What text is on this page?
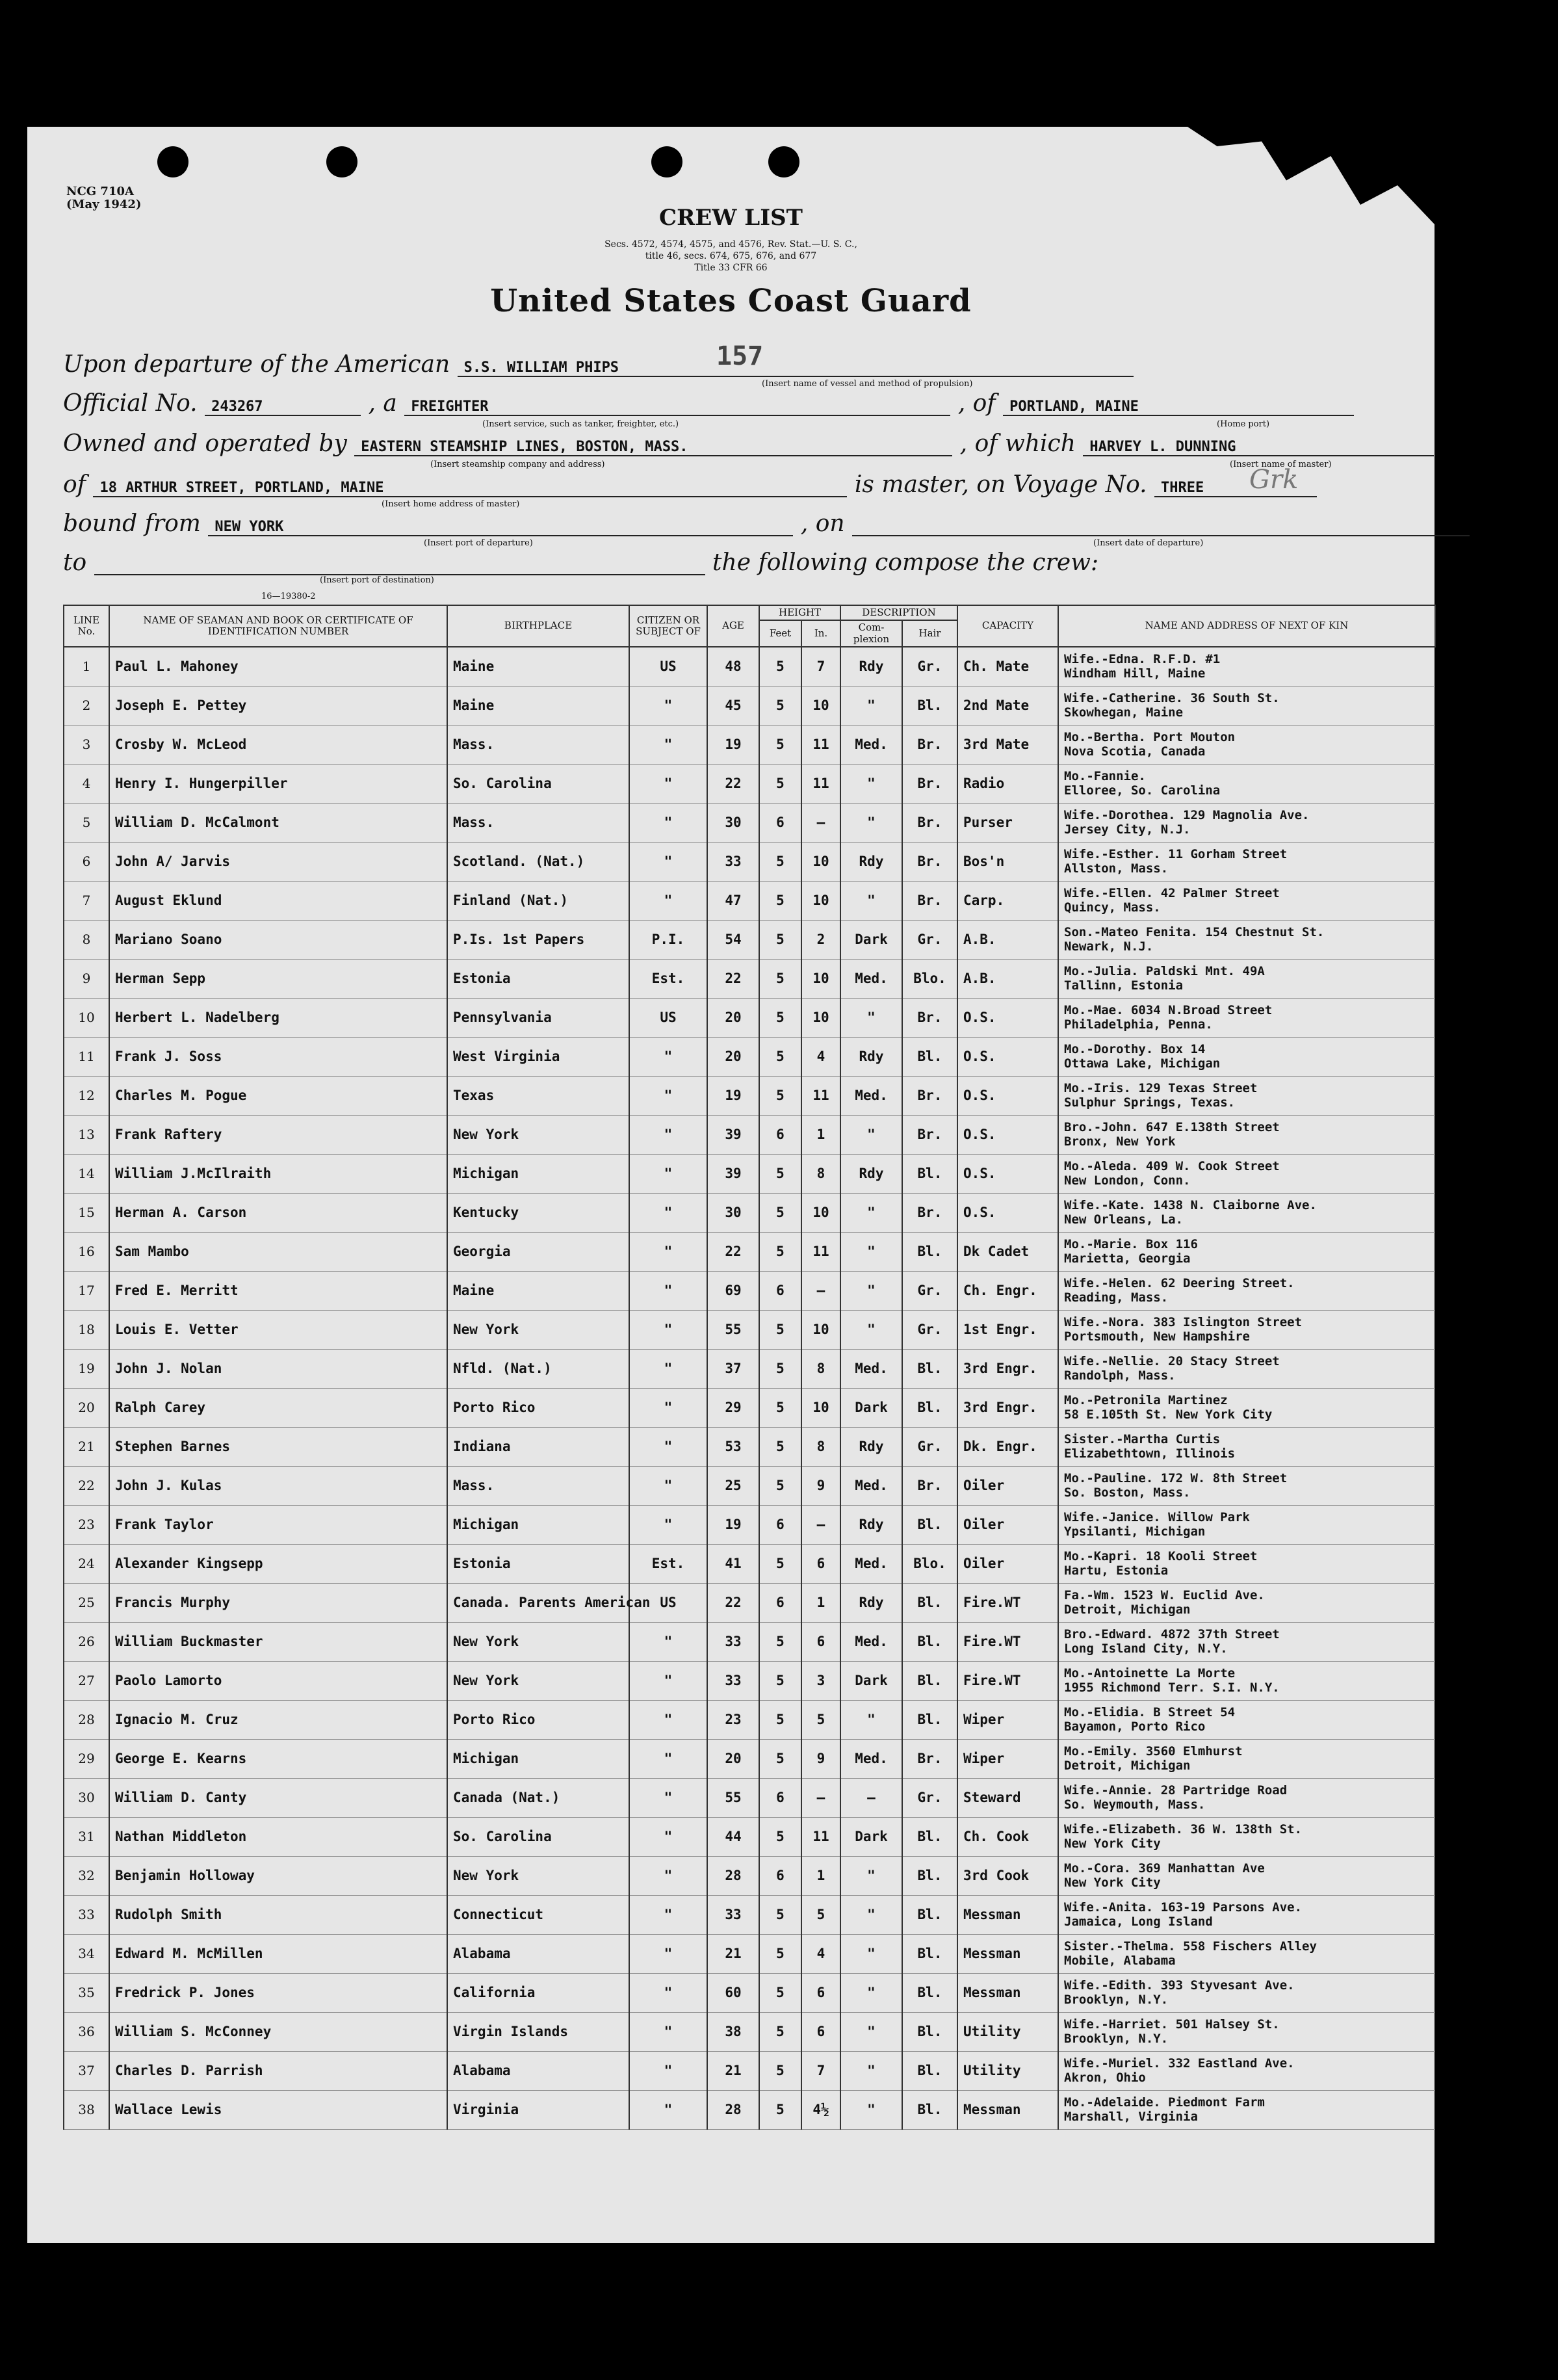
NCG 710A
(May 1942)
CREW LIST
Secs. 4572, 4574, 4575, and 4576, Rev. Stat.—U. S. C.,
title 46, secs. 674, 675, 676, and 677
Title 33 CFR 66
United States Coast Guard
157
Upon departure of the American S.S. WILLIAM PHIPS
(Insert name of vessel and method of propulsion)
Official No. 243267	, a FREIGHTER	, of PORTLAND, MAINE
(Insert service, such as tanker, freighter, etc.)	(Home port)
Owned and operated by EASTERN STEAMSHIP LINES, BOSTON, MASS.	, of which HARVEY L. DUNNING
(Insert steamship company and address)	(Insert name of master)
of 18 ARTHUR STREET, PORTLAND, MAINE	is master, on Voyage No. THREE	Grk
(Insert home address of master)
bound from NEW YORK	, on
(Insert port of departure)	(Insert date of departure)
to	the following compose the crew:
(Insert port of destination)
16—19380-2
LINE No.	NAME OF SEAMAN AND BOOK OR CERTIFICATE OF IDENTIFICATION NUMBER	BIRTHPLACE	CITIZEN OR SUBJECT OF	AGE	HEIGHT		DESCRIPTION		CAPACITY	NAME AND ADDRESS OF NEXT OF KIN
					Feet	In.	Com- plexion	Hair		
1	Paul L. Mahoney	Maine	US	48	5	7	Rdy	Gr.	Ch. Mate	Wife.-Edna. R.F.D. #1
Windham Hill, Maine

2	Joseph E. Pettey	Maine	"	45	5	10	"	Bl.	2nd Mate	Wife.-Catherine. 36 South St.
Skowhegan, Maine

3	Crosby W. McLeod	Mass.	"	19	5	11	Med.	Br.	3rd Mate	Mo.-Bertha. Port Mouton
Nova Scotia, Canada

4	Henry I. Hungerpiller	So. Carolina	"	22	5	11	"	Br.	Radio	Mo.-Fannie.
Elloree, So. Carolina

5	William D. McCalmont	Mass.	"	30	6	—	"	Br.	Purser	Wife.-Dorothea. 129 Magnolia Ave.
Jersey City, N.J.

6	John A/ Jarvis	Scotland. (Nat.)	"	33	5	10	Rdy	Br.	Bos'n	Wife.-Esther. 11 Gorham Street
Allston, Mass.

7	August Eklund	Finland (Nat.)	"	47	5	10	"	Br.	Carp.	Wife.-Ellen. 42 Palmer Street
Quincy, Mass.

8	Mariano Soano	P.Is. 1st Papers	P.I.	54	5	2	Dark	Gr.	A.B.	Son.-Mateo Fenita. 154 Chestnut St.
Newark, N.J.

9	Herman Sepp	Estonia	Est.	22	5	10	Med.	Blo.	A.B.	Mo.-Julia. Paldski Mnt. 49A
Tallinn, Estonia

10	Herbert L. Nadelberg	Pennsylvania	US	20	5	10	"	Br.	O.S.	Mo.-Mae. 6034 N.Broad Street
Philadelphia, Penna.

11	Frank J. Soss	West Virginia	"	20	5	4	Rdy	Bl.	O.S.	Mo.-Dorothy. Box 14
Ottawa Lake, Michigan

12	Charles M. Pogue	Texas	"	19	5	11	Med.	Br.	O.S.	Mo.-Iris. 129 Texas Street
Sulphur Springs, Texas.

13	Frank Raftery	New York	"	39	6	1	"	Br.	O.S.	Bro.-John. 647 E.138th Street
Bronx, New York

14	William J.McIlraith	Michigan	"	39	5	8	Rdy	Bl.	O.S.	Mo.-Aleda. 409 W. Cook Street
New London, Conn.

15	Herman A. Carson	Kentucky	"	30	5	10	"	Br.	O.S.	Wife.-Kate. 1438 N. Claiborne Ave.
New Orleans, La.

16	Sam Mambo	Georgia	"	22	5	11	"	Bl.	Dk Cadet	Mo.-Marie. Box 116
Marietta, Georgia

17	Fred E. Merritt	Maine	"	69	6	—	"	Gr.	Ch. Engr.	Wife.-Helen. 62 Deering Street.
Reading, Mass.

18	Louis E. Vetter	New York	"	55	5	10	"	Gr.	1st Engr.	Wife.-Nora. 383 Islington Street
Portsmouth, New Hampshire

19	John J. Nolan	Nfld. (Nat.)	"	37	5	8	Med.	Bl.	3rd Engr.	Wife.-Nellie. 20 Stacy Street
Randolph, Mass.

20	Ralph Carey	Porto Rico	"	29	5	10	Dark	Bl.	3rd Engr.	Mo.-Petronila Martinez
58 E.105th St. New York City

21	Stephen Barnes	Indiana	"	53	5	8	Rdy	Gr.	Dk. Engr.	Sister.-Martha Curtis
Elizabethtown, Illinois

22	John J. Kulas	Mass.	"	25	5	9	Med.	Br.	Oiler	Mo.-Pauline. 172 W. 8th Street
So. Boston, Mass.

23	Frank Taylor	Michigan	"	19	6	—	Rdy	Bl.	Oiler	Wife.-Janice. Willow Park
Ypsilanti, Michigan

24	Alexander Kingsepp	Estonia	Est.	41	5	6	Med.	Blo.	Oiler	Mo.-Kapri. 18 Kooli Street
Hartu, Estonia

25	Francis Murphy	Canada. Parents American	US	22	6	1	Rdy	Bl.	Fire.WT	Fa.-Wm. 1523 W. Euclid Ave.
Detroit, Michigan

26	William Buckmaster	New York	"	33	5	6	Med.	Bl.	Fire.WT	Bro.-Edward. 4872 37th Street
Long Island City, N.Y.

27	Paolo Lamorto	New York	"	33	5	3	Dark	Bl.	Fire.WT	Mo.-Antoinette La Morte
1955 Richmond Terr. S.I. N.Y.

28	Ignacio M. Cruz	Porto Rico	"	23	5	5	"	Bl.	Wiper	Mo.-Elidia. B Street 54
Bayamon, Porto Rico

29	George E. Kearns	Michigan	"	20	5	9	Med.	Br.	Wiper	Mo.-Emily. 3560 Elmhurst
Detroit, Michigan

30	William D. Canty	Canada (Nat.)	"	55	6	—	—	Gr.	Steward	Wife.-Annie. 28 Partridge Road
So. Weymouth, Mass.

31	Nathan Middleton	So. Carolina	"	44	5	11	Dark	Bl.	Ch. Cook	Wife.-Elizabeth. 36 W. 138th St.
New York City

32	Benjamin Holloway	New York	"	28	6	1	"	Bl.	3rd Cook	Mo.-Cora. 369 Manhattan Ave
New York City

33	Rudolph Smith	Connecticut	"	33	5	5	"	Bl.	Messman	Wife.-Anita. 163-19 Parsons Ave.
Jamaica, Long Island

34	Edward M. McMillen	Alabama	"	21	5	4	"	Bl.	Messman	Sister.-Thelma. 558 Fischers Alley
Mobile, Alabama

35	Fredrick P. Jones	California	"	60	5	6	"	Bl.	Messman	Wife.-Edith. 393 Styvesant Ave.
Brooklyn, N.Y.

36	William S. McConney	Virgin Islands	"	38	5	6	"	Bl.	Utility	Wife.-Harriet. 501 Halsey St.
Brooklyn, N.Y.

37	Charles D. Parrish	Alabama	"	21	5	7	"	Bl.	Utility	Wife.-Muriel. 332 Eastland Ave.
Akron, Ohio

38	Wallace Lewis	Virginia	"	28	5	4½	"	Bl.	Messman	Mo.-Adelaide. Piedmont Farm
Marshall, Virginia
